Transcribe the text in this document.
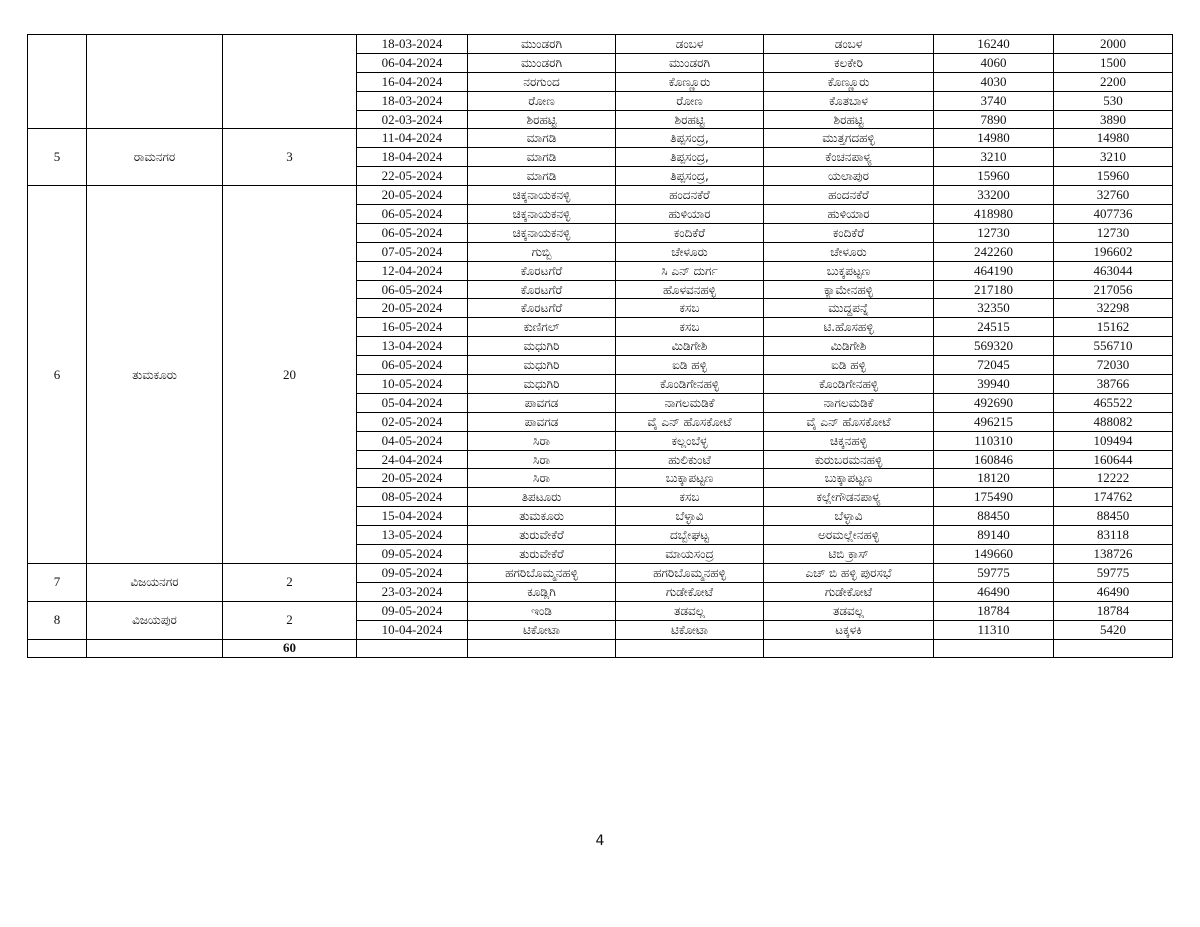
			18-03-2024	ಮುಂಡರಗಿ	ಡಂಬಳ	ಡಂಬಳ	16240	2000
			06-04-2024	ಮುಂಡರಗಿ	ಮುಂಡರಗಿ	ಕಲಕೇರಿ	4060	1500
			16-04-2024	ನರಗುಂದ	ಕೊಣ್ಣೂರು	ಕೊಣ್ಣೂರು	4030	2200
			18-03-2024	ರೋಣ	ರೋಣ	ಕೊತಬಾಳ	3740	530
			02-03-2024	ಶಿರಹಟ್ಟಿ	ಶಿರಹಟ್ಟಿ	ಶಿರಹಟ್ಟಿ	7890	3890
5	ರಾಮನಗರ	3	11-04-2024	ಮಾಗಡಿ	ತಿಪ್ಪಸಂದ್ರ,	ಮುತ್ತಗದಹಳ್ಳಿ	14980	14980
			18-04-2024	ಮಾಗಡಿ	ತಿಪ್ಪಸಂದ್ರ,	ಕೆಂಚನಪಾಳ್ಯ	3210	3210
			22-05-2024	ಮಾಗಡಿ	ತಿಪ್ಪಸಂದ್ರ,	ಯಲಾಪುರ	15960	15960
6	ತುಮಕೂರು	20	20-05-2024	ಚಿಕ್ಕನಾಯಕನಳ್ಳಿ	ಹಂದನಕೆರೆ	ಹಂದನಕೆರೆ	33200	32760
			06-05-2024	ಚಿಕ್ಕನಾಯಕನಳ್ಳಿ	ಹುಳಿಯಾರ	ಹುಳಿಯಾರ	418980	407736
			06-05-2024	ಚಿಕ್ಕನಾಯಕನಳ್ಳಿ	ಕಂದಿಕೆರೆ	ಕಂದಿಕೆರೆ	12730	12730
			07-05-2024	ಗುಬ್ಬಿ	ಚೇಳೂರು	ಚೇಳೂರು	242260	196602
			12-04-2024	ಕೊರಟಗೆರೆ	ಸಿ ಎನ್ ದುರ್ಗ	ಬುಕ್ಕಪಟ್ಟಣ	464190	463044
			06-05-2024	ಕೊರಟಗೆರೆ	ಹೊಳವನಹಳ್ಳಿ	ಕ್ಯಾಮೇನಹಳ್ಳಿ	217180	217056
			20-05-2024	ಕೊರಟಗೆರೆ	ಕಸಬ	ಮುದ್ದಪನ್ನೆ	32350	32298
			16-05-2024	ಕುಣಿಗಲ್	ಕಸಬ	ಟಿ.ಹೊಸಹಳ್ಳಿ	24515	15162
			13-04-2024	ಮಧುಗಿರಿ	ಮಿಡಿಗೇಶಿ	ಮಿಡಿಗೇಶಿ	569320	556710
			06-05-2024	ಮಧುಗಿರಿ	ಐಡಿ ಹಳ್ಳಿ	ಐಡಿ ಹಳ್ಳಿ	72045	72030
			10-05-2024	ಮಧುಗಿರಿ	ಕೊಂಡಿಗೇನಹಳ್ಳಿ	ಕೊಂಡಿಗೇನಹಳ್ಳಿ	39940	38766
			05-04-2024	ಪಾವಗಡ	ನಾಗಲಮಡಿಕೆ	ನಾಗಲಮಡಿಕೆ	492690	465522
			02-05-2024	ಪಾವಗಡ	ವೈ ಎನ್ ಹೊಸಕೋಟೆ	ವೈ ಎನ್ ಹೊಸಕೋಟೆ	496215	488082
			04-05-2024	ಸಿರಾ	ಕಲ್ಲಂಬೆಳ್ಳ	ಚಿಕ್ಕನಹಳ್ಳಿ	110310	109494
			24-04-2024	ಸಿರಾ	ಹುಲಿಕುಂಟೆ	ಕುರುಬರಮನಹಳ್ಳಿ	160846	160644
			20-05-2024	ಸಿರಾ	ಬುಕ್ಕಾಪಟ್ಟಣ	ಬುಕ್ಕಾಪಟ್ಟಣ	18120	12222
			08-05-2024	ತಿಪಟೂರು	ಕಸಬ	ಕಲ್ಲೇಗೌಡನಪಾಳ್ಯ	175490	174762
			15-04-2024	ತುಮಕೂರು	ಬೆಳ್ಳಾವಿ	ಬೆಳ್ಳಾವಿ	88450	88450
			13-05-2024	ತುರುವೇಕೆರೆ	ದಬ್ಬೇಘಟ್ಟ	ಅರಮಲ್ಲೇನಹಳ್ಳಿ	89140	83118
			09-05-2024	ತುರುವೇಕೆರೆ	ಮಾಯಸಂದ್ರ	ಟಿಬಿ ಕ್ರಾಸ್	149660	138726
7	ವಿಜಯನಗರ	2	09-05-2024	ಹಗರಿಬೊಮ್ಮನಹಳ್ಳಿ	ಹಗರಿಬೊಮ್ಮನಹಳ್ಳಿ	ಎಚ್ ಬಿ ಹಳ್ಳಿ ಪುರಸಭೆ	59775	59775
			23-03-2024	ಕೂಡ್ಲಿಗಿ	ಗುಡೇಕೋಟೆ	ಗುಡೇಕೋಟೆ	46490	46490
8	ವಿಜಯಪುರ	2	09-05-2024	ಇಂಡಿ	ತಡವಲ್ಲ	ತಡವಲ್ಲ	18784	18784
			10-04-2024	ಟಿಕೋಟಾ	ಟಿಕೋಟಾ	ಟಕ್ಕಳಕಿ	11310	5420
		60						
4
